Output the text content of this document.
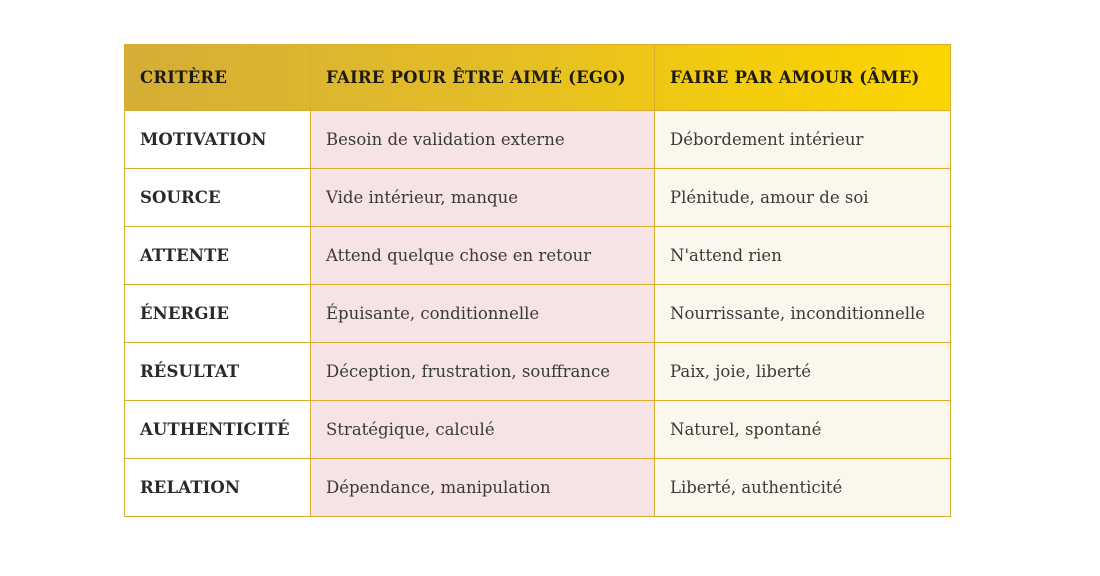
CRITÈRE	FAIRE POUR ÊTRE AIMÉ (EGO)	FAIRE PAR AMOUR (ÂME)
MOTIVATION	Besoin de validation externe	Débordement intérieur
SOURCE	Vide intérieur, manque	Plénitude, amour de soi
ATTENTE	Attend quelque chose en retour	N'attend rien
ÉNERGIE	Épuisante, conditionnelle	Nourrissante, inconditionnelle
RÉSULTAT	Déception, frustration, souffrance	Paix, joie, liberté
AUTHENTICITÉ	Stratégique, calculé	Naturel, spontané
RELATION	Dépendance, manipulation	Liberté, authenticité
